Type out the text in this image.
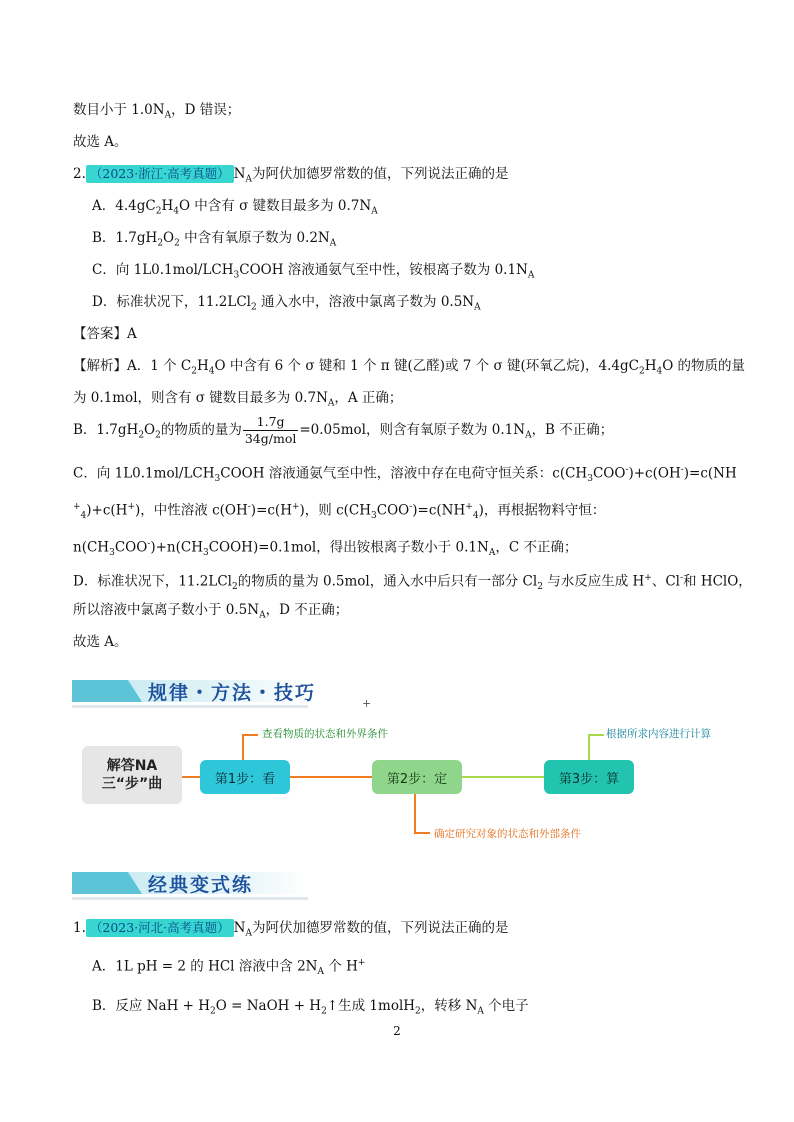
数目小于 $1.0N_A$，D 错误；
故选 A。
2. （2023·浙江·高考真题） $N_A$为阿伏加德罗常数的值，下列说法正确的是
A．$4.4gC_2H_4O$ 中含有 σ 键数目最多为 $0.7N_A$
B．$1.7gH_2O_2$ 中含有氧原子数为 $0.2N_A$
C．向 $1L0.1mol/LCH_3COOH$ 溶液通氨气至中性，铵根离子数为 $0.1N_A$
D．标准状况下，11.2LCl$_2$ 通入水中，溶液中氯离子数为 $0.5N_A$
【答案】A
【解析】A．1 个 $C_2H_4O$ 中含有 6 个 σ 键和 1 个 π 键(乙醛)或 7 个 σ 键(环氧乙烷)，$4.4gC_2H_4O$ 的物质的量
为 0.1mol，则含有 σ 键数目最多为 $0.7N_A$，A 正确；
B．$1.7gH_2O_2$的物质的量为 $\frac{1.7g}{\text{34g/mol}} =0.05mol$，则含有氧原子数为 $0.1N_A$，B 不正确；
C．向 $1L0.1mol/LCH_3COOH$ 溶液通氨气至中性，溶液中存在电荷守恒关系：$c(CH_3COO^-)+c(OH^-)=c(NH$
+$_4$)+c(H+)，中性溶液 c(OH-)=c(H+)，则 $c(CH_3COO^-)=c(NH^+_4)$，再根据物料守恒：
$n(CH_3COO^-)+n(CH_3COOH)=0.1mol$，得出铵根离子数小于 $0.1N_A$，C 不正确；
D．标准状况下，11.2LCl$_2$的物质的量为 0.5mol，通入水中后只有一部分 $Cl_2$ 与水反应生成 H+、Cl-和 HClO，
所以溶液中氯离子数小于 $0.5N_A$，D 不正确；
故选 A。
规律・方法・技巧	+
解答NA三“步”曲	第1步：看	第2步：定	第3步：算
查看物质的状态和外界条件
确定研究对象的状态和外部条件
根据所求内容进行计算
经典变式练
1. （2023·河北·高考真题） $N_A$为阿伏加德罗常数的值，下列说法正确的是
A．1L pH = 2 的 HCl 溶液中含 $2N_A$ 个 H+
B．反应 NaH + $H_2O$ = NaOH + $H_2↑$生成 1molH$_2$，转移 $N_A$ 个电子
2
